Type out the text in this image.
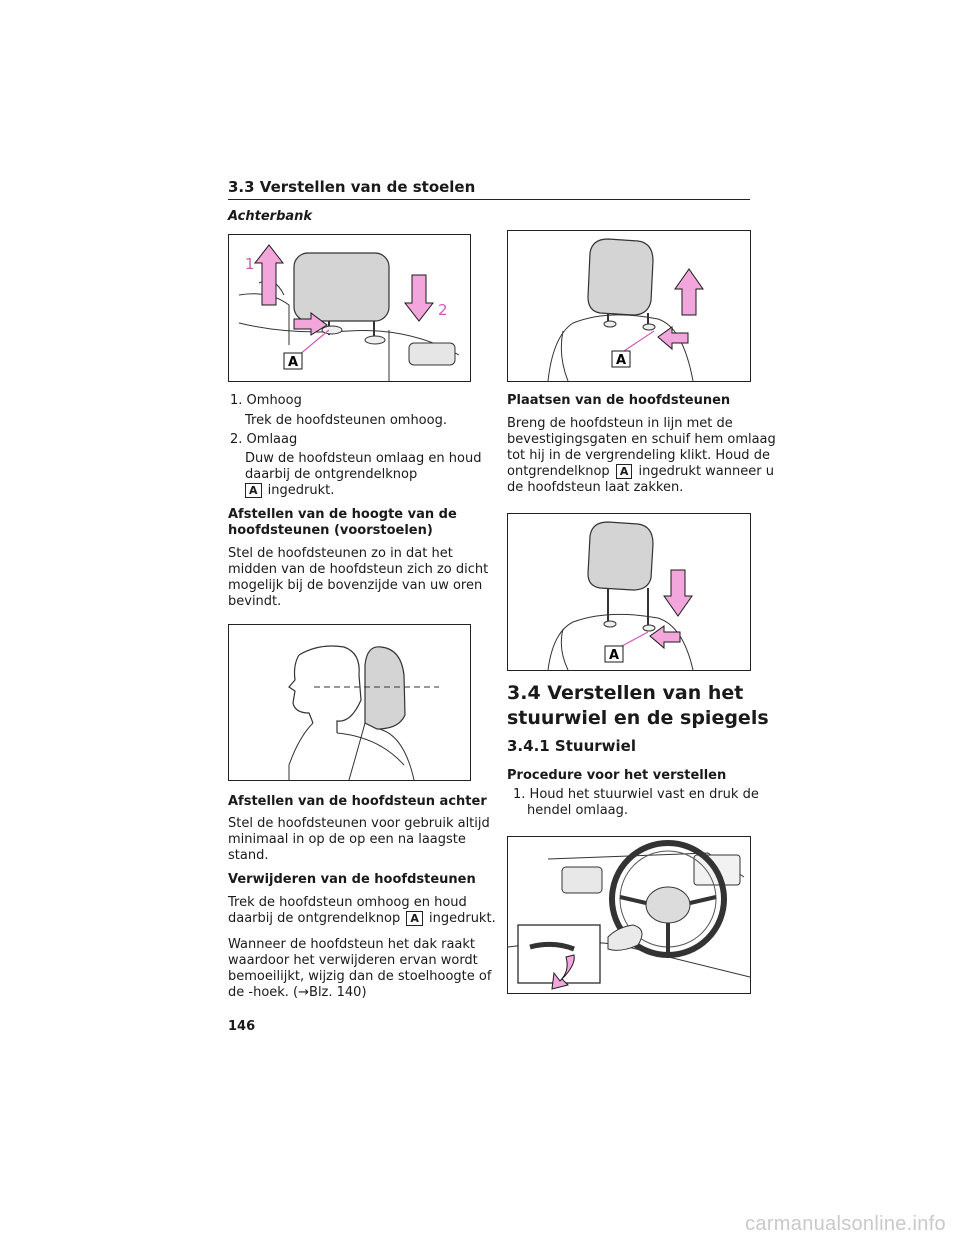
3.3 Verstellen van de stoelen
Achterbank
1
2
A
1. Omhoog
Trek de hoofdsteunen omhoog.
2. Omlaag
Duw de hoofdsteun omlaag en houd
daarbij de ontgrendelknop
A ingedrukt.
Afstellen van de hoogte van de
hoofdsteunen (voorstoelen)
Stel de hoofdsteunen zo in dat het
midden van de hoofdsteun zich zo dicht
mogelijk bij de bovenzijde van uw oren
bevindt.
Afstellen van de hoofdsteun achter
Stel de hoofdsteunen voor gebruik altijd
minimaal in op de op een na laagste
stand.
Verwijderen van de hoofdsteunen
Trek de hoofdsteun omhoog en houd
daarbij de ontgrendelknop A ingedrukt.
Wanneer de hoofdsteun het dak raakt
waardoor het verwijderen ervan wordt
bemoeilijkt, wijzig dan de stoelhoogte of
de -hoek. (→Blz. 140)
A
Plaatsen van de hoofdsteunen
Breng de hoofdsteun in lijn met de
bevestigingsgaten en schuif hem omlaag
tot hij in de vergrendeling klikt. Houd de
ontgrendelknop A ingedrukt wanneer u
de hoofdsteun laat zakken.
A
3.4 Verstellen van het
stuurwiel en de spiegels
3.4.1 Stuurwiel
Procedure voor het verstellen
1. Houd het stuurwiel vast en druk de
hendel omlaag.
146
carmanualsonline.info
